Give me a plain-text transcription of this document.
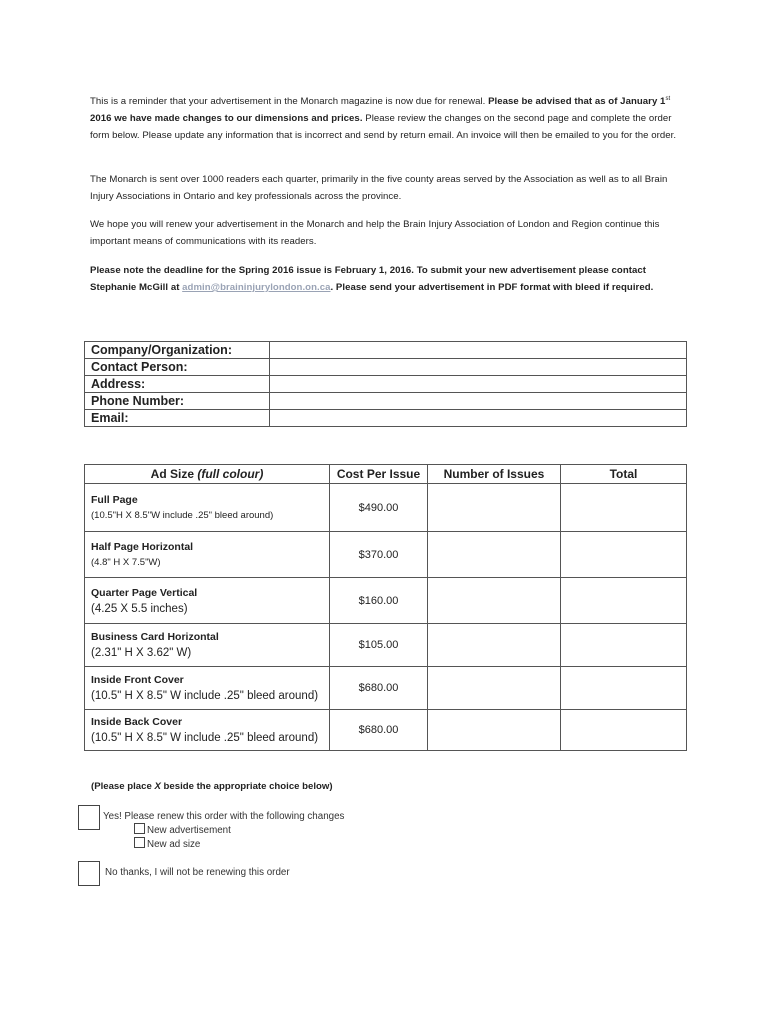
This is a reminder that your advertisement in the Monarch magazine is now due for renewal. Please be advised that as of January 1st 2016 we have made changes to our dimensions and prices. Please review the changes on the second page and complete the order form below. Please update any information that is incorrect and send by return email. An invoice will then be emailed to you for the order.

The Monarch is sent over 1000 readers each quarter, primarily in the five county areas served by the Association as well as to all Brain Injury Associations in Ontario and key professionals across the province.

We hope you will renew your advertisement in the Monarch and help the Brain Injury Association of London and Region continue this important means of communications with its readers.

Please note the deadline for the Spring 2016 issue is February 1, 2016. To submit your new advertisement please contact Stephanie McGill at admin@braininjurylondon.on.ca. Please send your advertisement in PDF format with bleed if required.

Company/Organization:	
Contact Person:	
Address:	
Phone Number:	
Email:	
Ad Size (full colour)	Cost Per Issue	Number of Issues	Total

Full Page
(10.5"H X 8.5"W include .25" bleed around)	$490.00		

Half Page Horizontal
(4.8" H X 7.5"W)	$370.00		

Quarter Page Vertical
(4.25 X 5.5 inches)	$160.00		

Business Card Horizontal
(2.31" H X 3.62" W)	$105.00		

Inside Front Cover
(10.5" H X 8.5" W include .25" bleed around)	$680.00		

Inside Back Cover
(10.5" H X 8.5" W include .25" bleed around)	$680.00		

(Please place X beside the appropriate choice below)

Yes! Please renew this order with the following changes
New advertisement
New ad size
No thanks, I will not be renewing this order
